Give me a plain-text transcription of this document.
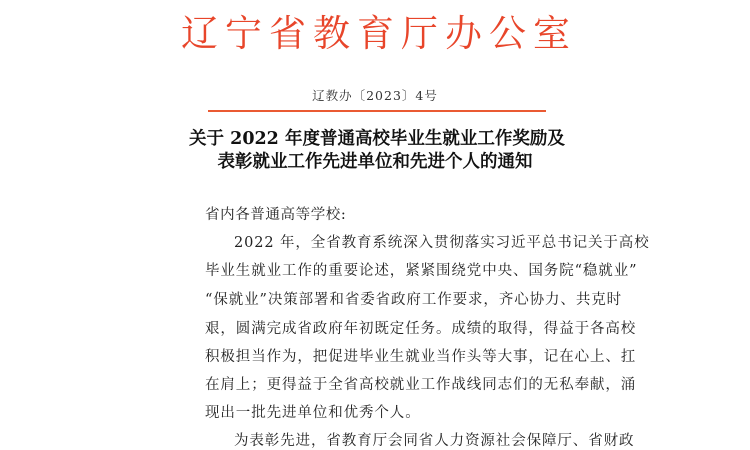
辽宁省教育厅办公室
辽教办〔2023〕4号
关于 2022 年度普通高校毕业生就业工作奖励及
表彰就业工作先进单位和先进个人的通知
省内各普通高等学校:
2022 年，全省教育系统深入贯彻落实习近平总书记关于高校
毕业生就业工作的重要论述，紧紧围绕党中央、国务院“稳就业”
“保就业”决策部署和省委省政府工作要求，齐心协力、共克时
艰，圆满完成省政府年初既定任务。成绩的取得，得益于各高校
积极担当作为，把促进毕业生就业当作头等大事，记在心上、扛
在肩上；更得益于全省高校就业工作战线同志们的无私奉献，涌
现出一批先进单位和优秀个人。
为表彰先进，省教育厅会同省人力资源社会保障厅、省财政
